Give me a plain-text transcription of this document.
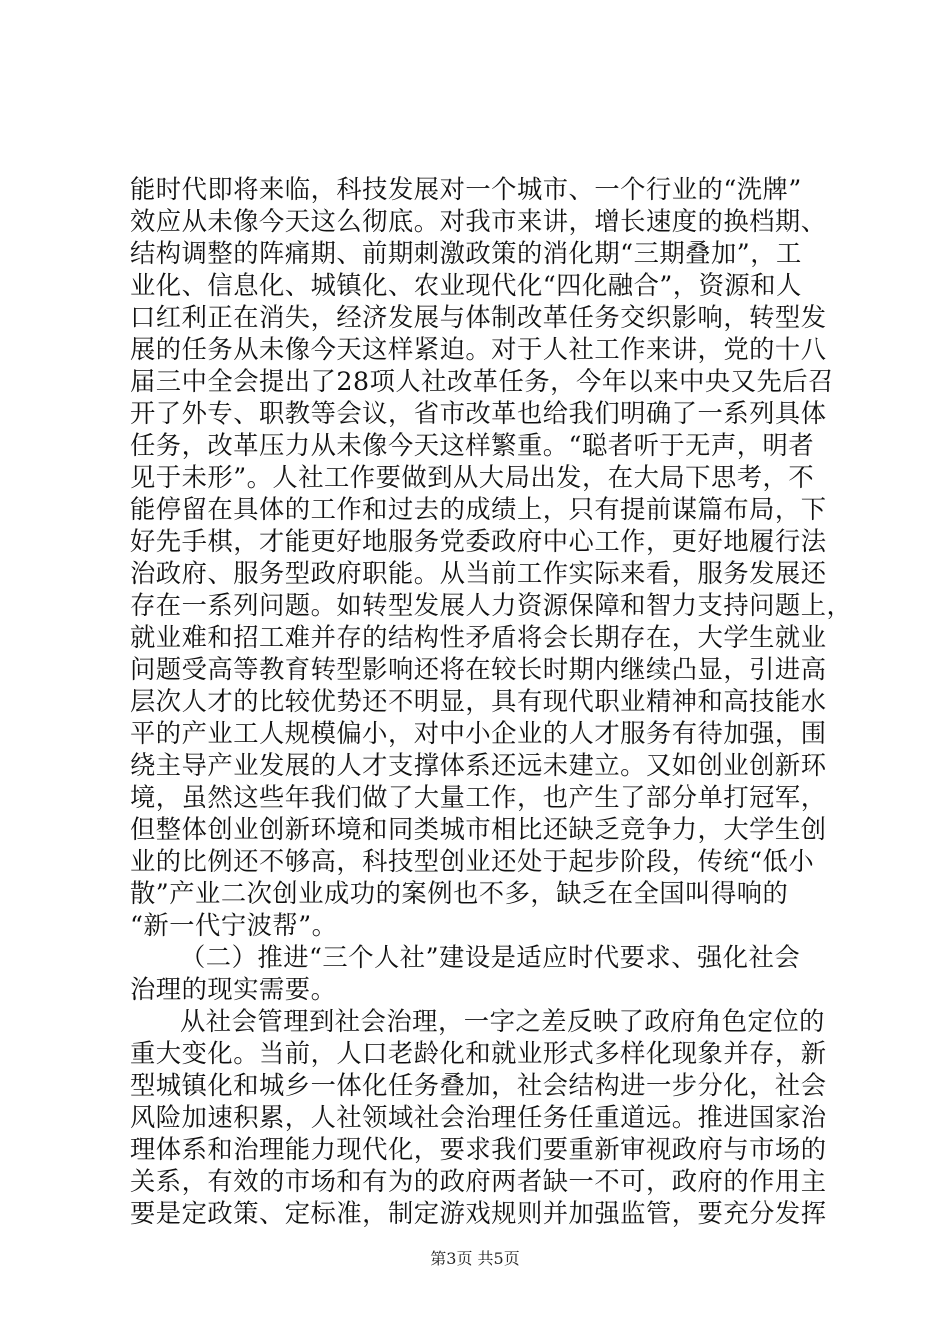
能时代即将来临，科技发展对一个城市、一个行业的“洗牌”
效应从未像今天这么彻底。对我市来讲，增长速度的换档期、
结构调整的阵痛期、前期刺激政策的消化期“三期叠加”，工
业化、信息化、城镇化、农业现代化“四化融合”，资源和人
口红利正在消失，经济发展与体制改革任务交织影响，转型发
展的任务从未像今天这样紧迫。对于人社工作来讲，党的十八
届三中全会提出了28项人社改革任务，今年以来中央又先后召
开了外专、职教等会议，省市改革也给我们明确了一系列具体
任务，改革压力从未像今天这样繁重。“聪者听于无声，明者
见于未形”。人社工作要做到从大局出发，在大局下思考，不
能停留在具体的工作和过去的成绩上，只有提前谋篇布局，下
好先手棋，才能更好地服务党委政府中心工作，更好地履行法
治政府、服务型政府职能。从当前工作实际来看，服务发展还
存在一系列问题。如转型发展人力资源保障和智力支持问题上，
就业难和招工难并存的结构性矛盾将会长期存在，大学生就业
问题受高等教育转型影响还将在较长时期内继续凸显，引进高
层次人才的比较优势还不明显，具有现代职业精神和高技能水
平的产业工人规模偏小，对中小企业的人才服务有待加强，围
绕主导产业发展的人才支撑体系还远未建立。又如创业创新环
境，虽然这些年我们做了大量工作，也产生了部分单打冠军，
但整体创业创新环境和同类城市相比还缺乏竞争力，大学生创
业的比例还不够高，科技型创业还处于起步阶段，传统“低小
散”产业二次创业成功的案例也不多，缺乏在全国叫得响的
“新一代宁波帮”。
（二）推进“三个人社”建设是适应时代要求、强化社会
治理的现实需要。
从社会管理到社会治理，一字之差反映了政府角色定位的
重大变化。当前，人口老龄化和就业形式多样化现象并存，新
型城镇化和城乡一体化任务叠加，社会结构进一步分化，社会
风险加速积累，人社领域社会治理任务任重道远。推进国家治
理体系和治理能力现代化，要求我们要重新审视政府与市场的
关系，有效的市场和有为的政府两者缺一不可，政府的作用主
要是定政策、定标准，制定游戏规则并加强监管，要充分发挥
第3页 共5页
